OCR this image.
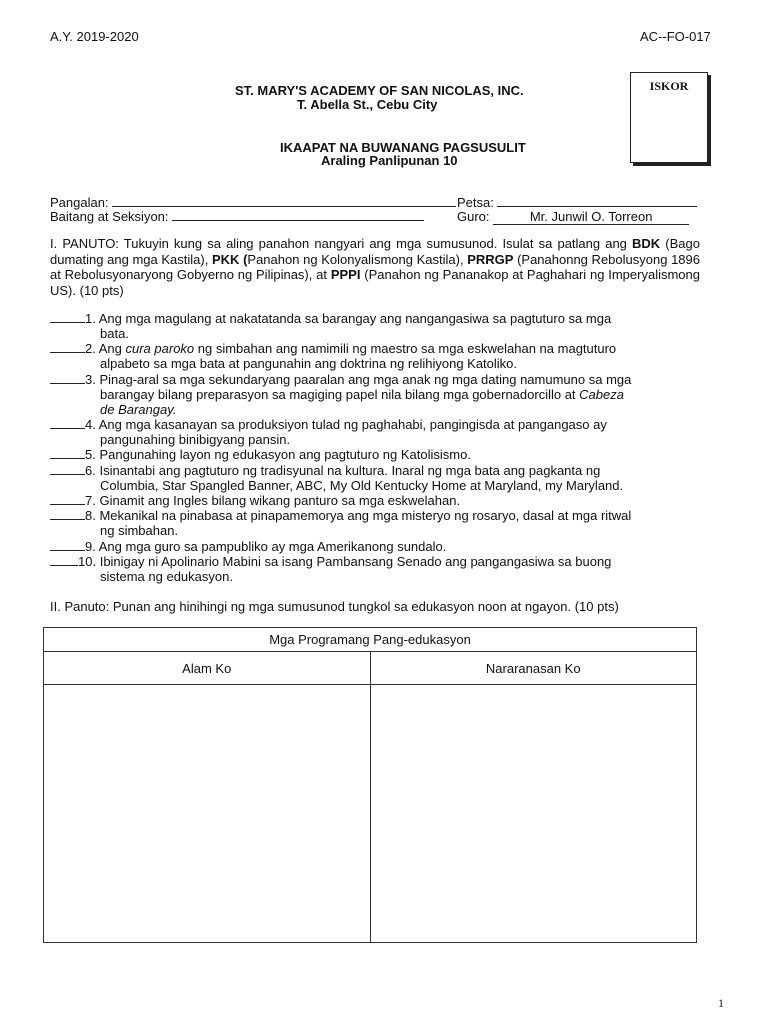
A.Y. 2019-2020	AC--FO-017
ST. MARY'S ACADEMY OF SAN NICOLAS, INC.
T. Abella St., Cebu City
ISKOR
IKAAPAT NA BUWANANG PAGSUSULIT
Araling Panlipunan 10
Pangalan:	Petsa:
Baitang at Seksiyon:	Guro:	Mr. Junwil O. Torreon
I. PANUTO: Tukuyin kung sa aling panahon nangyari ang mga sumusunod. Isulat sa patlang ang BDK (Bago dumating ang mga Kastila), PKK (Panahon ng Kolonyalismong Kastila), PRRGP (Panahonng Rebolusyong 1896 at Rebolusyonaryong Gobyerno ng Pilipinas), at PPPI (Panahon ng Pananakop at Paghahari ng Imperyalismong US). (10 pts)
1. Ang mga magulang at nakatatanda sa barangay ang nangangasiwa sa pagtuturo sa mga
bata.
2. Ang cura paroko ng simbahan ang namimili ng maestro sa mga eskwelahan na magtuturo
alpabeto sa mga bata at pangunahin ang doktrina ng relihiyong Katoliko.
3. Pinag-aral sa mga sekundaryang paaralan ang mga anak ng mga dating namumuno sa mga
barangay bilang preparasyon sa magiging papel nila bilang mga gobernadorcillo at Cabeza
de Barangay.
4. Ang mga kasanayan sa produksiyon tulad ng paghahabi, pangingisda at pangangaso ay
pangunahing binibigyang pansin.
5. Pangunahing layon ng edukasyon ang pagtuturo ng Katolisismo.
6. Isinantabi ang pagtuturo ng tradisyunal na kultura. Inaral ng mga bata ang pagkanta ng
Columbia, Star Spangled Banner, ABC, My Old Kentucky Home at Maryland, my Maryland.
7. Ginamit ang Ingles bilang wikang panturo sa mga eskwelahan.
8. Mekanikal na pinabasa at pinapamemorya ang mga misteryo ng rosaryo, dasal at mga ritwal
ng simbahan.
9. Ang mga guro sa pampubliko ay mga Amerikanong sundalo.
10. Ibinigay ni Apolinario Mabini sa isang Pambansang Senado ang pangangasiwa sa buong
sistema ng edukasyon.
II. Panuto: Punan ang hinihingi ng mga sumusunod tungkol sa edukasyon noon at ngayon. (10 pts)
Mga Programang Pang-edukasyon	
Alam Ko	Nararanasan Ko

1
